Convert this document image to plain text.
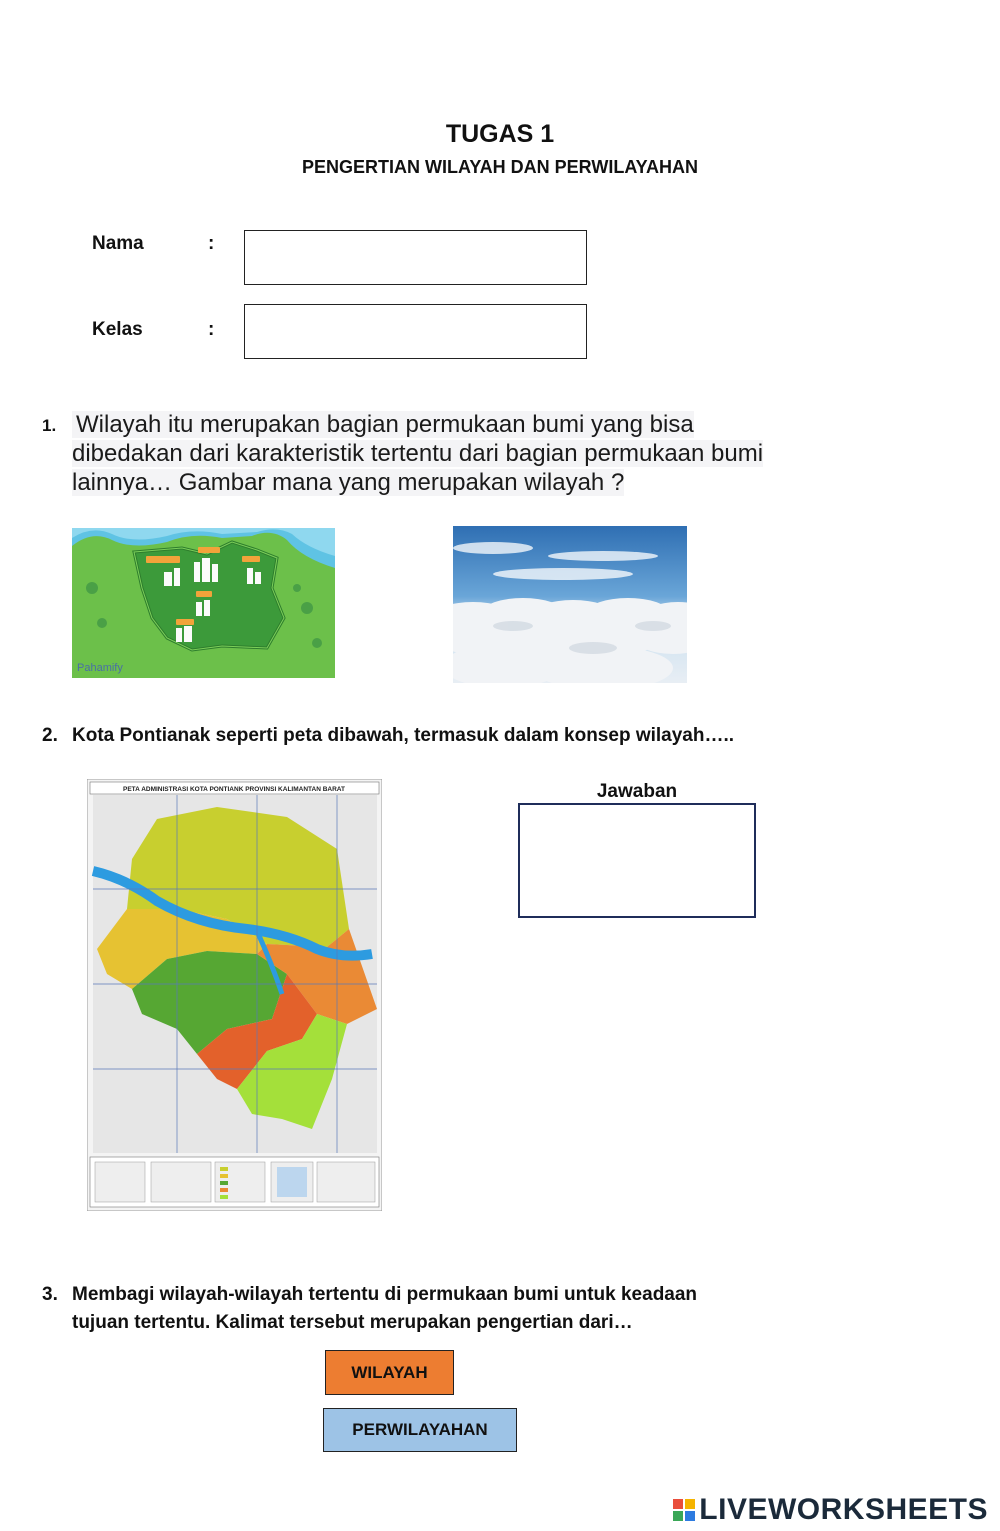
TUGAS 1
PENGERTIAN WILAYAH DAN PERWILAYAHAN
Nama	:
Kelas	:
1. Wilayah itu merupakan bagian permukaan bumi yang bisa
dibedakan dari karakteristik tertentu dari bagian permukaan bumi
lainnya… Gambar mana yang merupakan wilayah ?
Pahamify
2. Kota Pontianak seperti peta dibawah, termasuk dalam konsep wilayah…..
PETA ADMINISTRASI KOTA PONTIANK PROVINSI KALIMANTAN BARAT	Jawaban
3. Membagi wilayah-wilayah tertentu di permukaan bumi untuk keadaan
tujuan tertentu. Kalimat tersebut merupakan pengertian dari…
WILAYAH
PERWILAYAHAN
LIVEWORKSHEETS
